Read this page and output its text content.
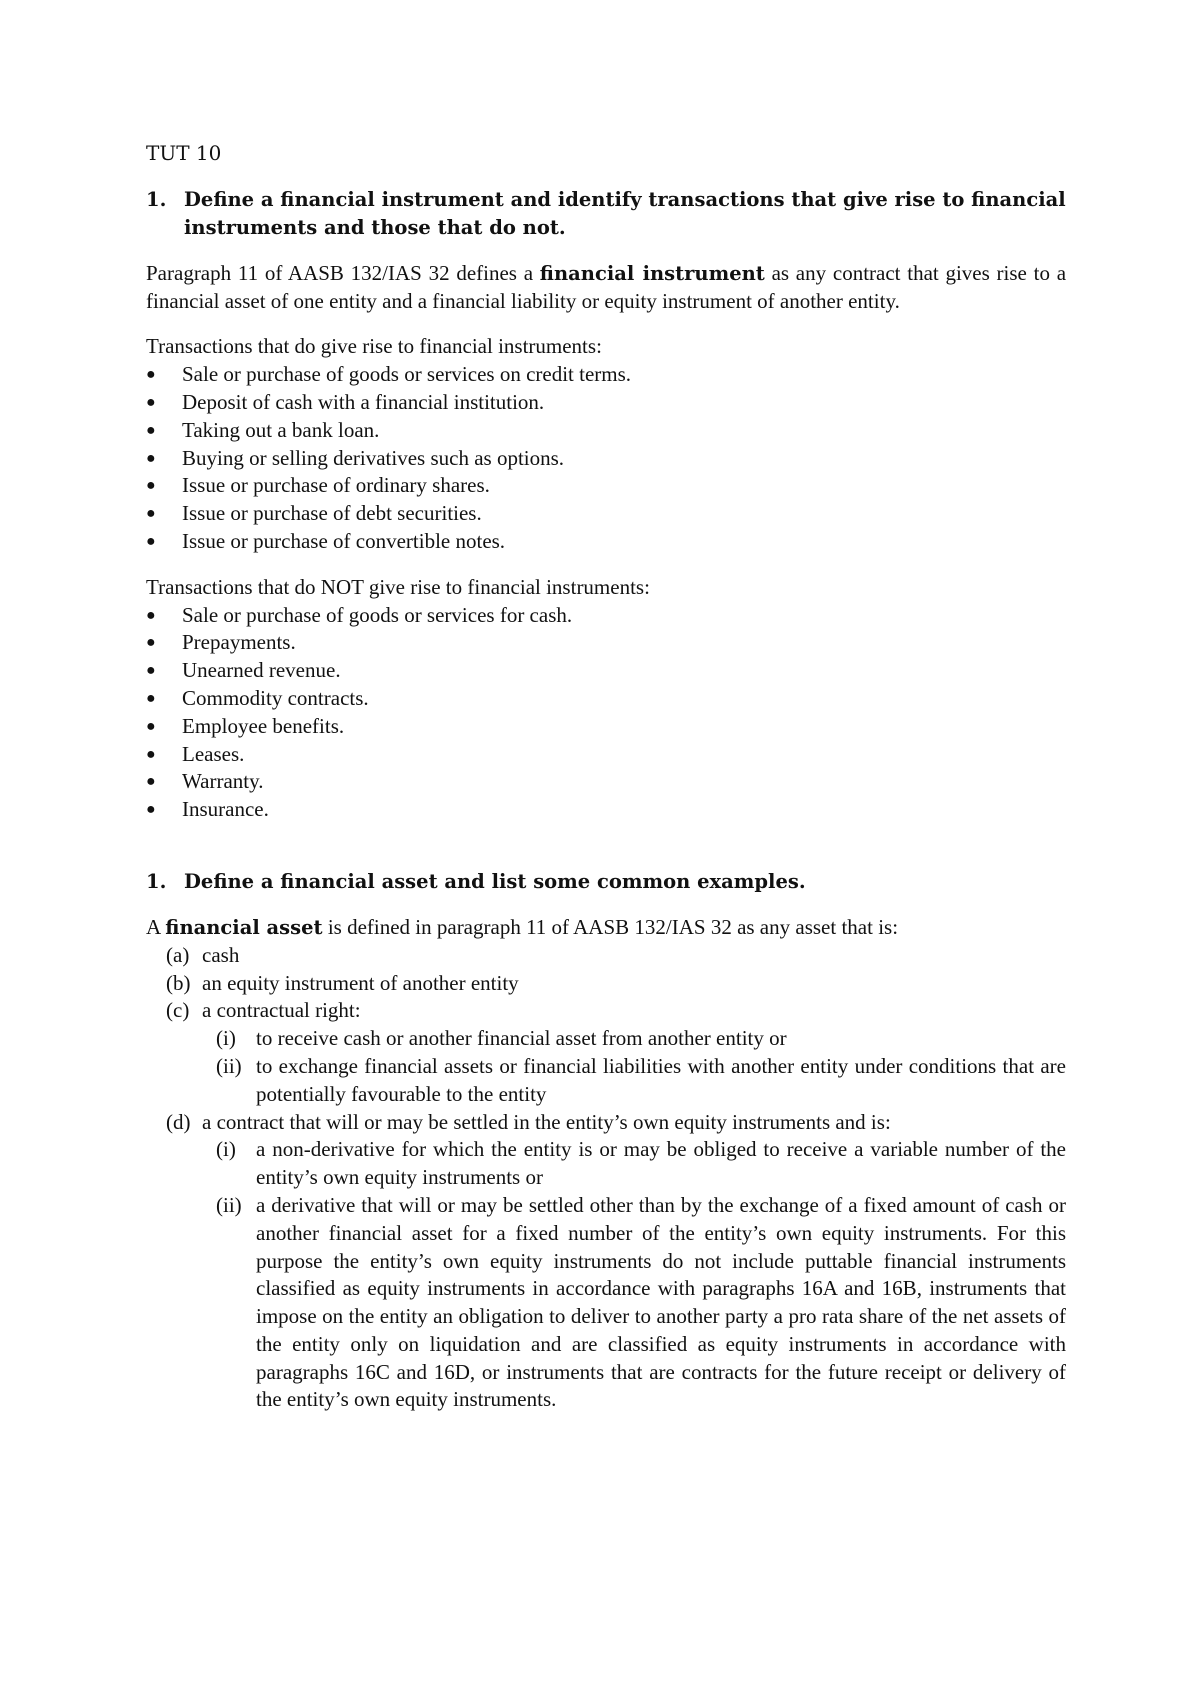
TUT 10
1. Define a financial instrument and identify transactions that give rise to financial instruments and those that do not.

Paragraph 11 of AASB 132/IAS 32 defines a financial instrument as any contract that gives rise to a financial asset of one entity and a financial liability or equity instrument of another entity.

Transactions that do give rise to financial instruments:

●	Sale or purchase of goods or services on credit terms.
●	Deposit of cash with a financial institution.
●	Taking out a bank loan.
●	Buying or selling derivatives such as options.
●	Issue or purchase of ordinary shares.
●	Issue or purchase of debt securities.
●	Issue or purchase of convertible notes.

Transactions that do NOT give rise to financial instruments:

●	Sale or purchase of goods or services for cash.
●	Prepayments.
●	Unearned revenue.
●	Commodity contracts.
●	Employee benefits.
●	Leases.
●	Warranty.
●	Insurance.
1. Define a financial asset and list some common examples.

A financial asset is defined in paragraph 11 of AASB 132/IAS 32 as any asset that is:

(a) cash
(b) an equity instrument of another entity
(c) a contractual right:
(i) to receive cash or another financial asset from another entity or
(ii) to exchange financial assets or financial liabilities with another entity under conditions that are potentially favourable to the entity
(d) a contract that will or may be settled in the entity’s own equity instruments and is:
(i) a non-derivative for which the entity is or may be obliged to receive a variable number of the entity’s own equity instruments or
(ii) a derivative that will or may be settled other than by the exchange of a fixed amount of cash or another financial asset for a fixed number of the entity’s own equity instruments. For this purpose the entity’s own equity instruments do not include puttable financial instruments classified as equity instruments in accordance with paragraphs 16A and 16B, instruments that impose on the entity an obligation to deliver to another party a pro rata share of the net assets of the entity only on liquidation and are classified as equity instruments in accordance with paragraphs 16C and 16D, or instruments that are contracts for the future receipt or delivery of the entity’s own equity instruments.
